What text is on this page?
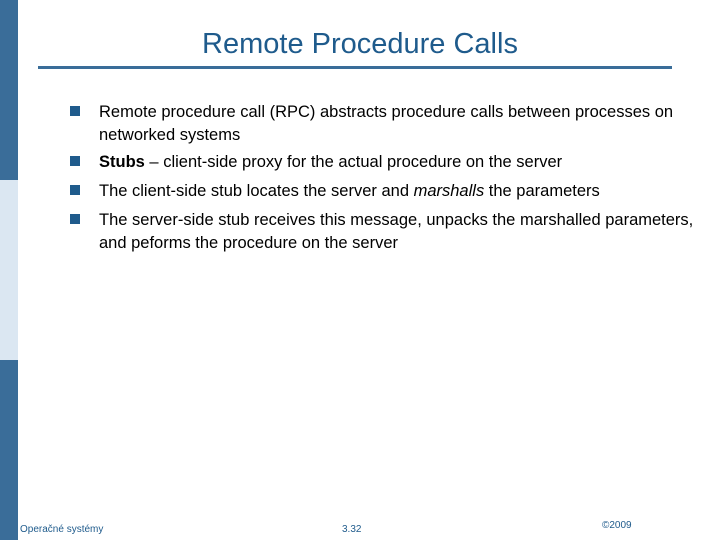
Remote Procedure Calls
Remote procedure call (RPC) abstracts procedure calls between processes on networked systems
Stubs – client-side proxy for the actual procedure on the server
The client-side stub locates the server and marshalls the parameters
The server-side stub receives this message, unpacks the marshalled parameters, and peforms the procedure on the server
Operačné systémy	3.32	©2009
